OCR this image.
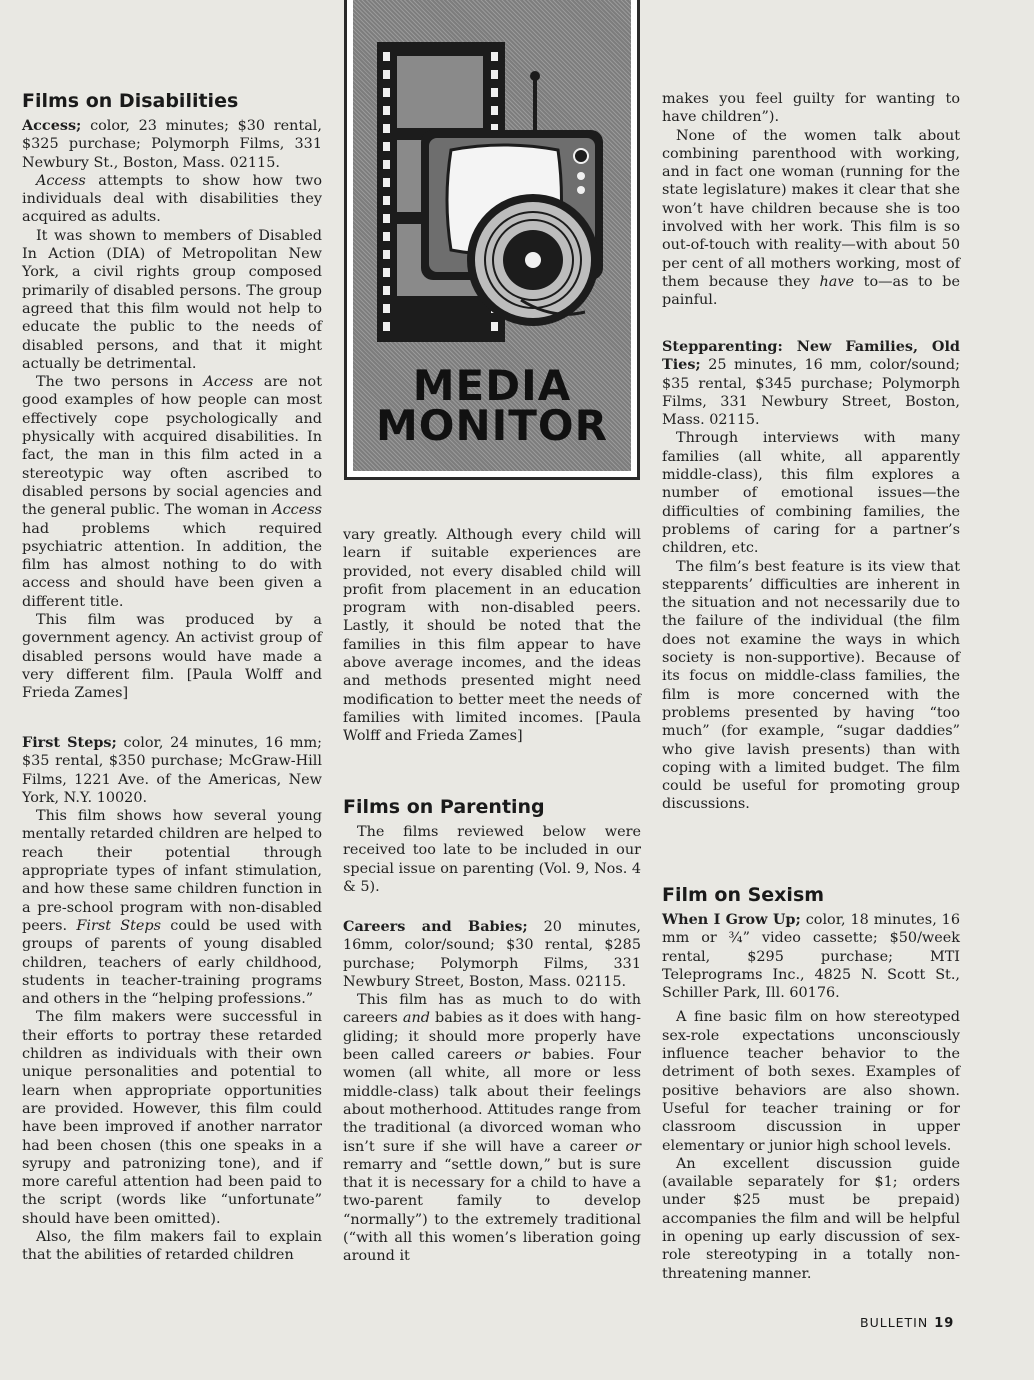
Films on Disabilities

Access; color, 23 minutes; $30 rental, $325 purchase; Polymorph Films, 331 Newbury St., Boston, Mass. 02115.

Access attempts to show how two individuals deal with disabilities they acquired as adults.

It was shown to members of Disabled In Action (DIA) of Metropolitan New York, a civil rights group composed primarily of disabled persons. The group agreed that this film would not help to educate the public to the needs of disabled persons, and that it might actually be detrimental.

The two persons in Access are not good examples of how people can most effectively cope psychologically and physically with acquired disabilities. In fact, the man in this film acted in a stereotypic way often ascribed to disabled persons by social agencies and the general public. The woman in Access had problems which required psychiatric attention. In addition, the film has almost nothing to do with access and should have been given a different title.

This film was produced by a government agency. An activist group of disabled persons would have made a very different film. [Paula Wolff and Frieda Zames]

First Steps; color, 24 minutes, 16 mm; $35 rental, $350 purchase; McGraw-Hill Films, 1221 Ave. of the Americas, New York, N.Y. 10020.

This film shows how several young mentally retarded children are helped to reach their potential through appropriate types of infant stimulation, and how these same children function in a pre-school program with non-disabled peers. First Steps could be used with groups of parents of young disabled children, teachers of early childhood, students in teacher-training programs and others in the “helping professions.”

The film makers were successful in their efforts to portray these retarded children as individuals with their own unique personalities and potential to learn when appropriate opportunities are provided. However, this film could have been improved if another narrator had been chosen (this one speaks in a syrupy and patronizing tone), and if more careful attention had been paid to the script (words like “unfortunate” should have been omitted).

Also, the film makers fail to explain that the abilities of retarded children

MEDIA
MONITOR

vary greatly. Although every child will learn if suitable experiences are provided, not every disabled child will profit from placement in an education program with non-disabled peers. Lastly, it should be noted that the families in this film appear to have above average incomes, and the ideas and methods presented might need modification to better meet the needs of families with limited incomes. [Paula Wolff and Frieda Zames]

Films on Parenting

The films reviewed below were received too late to be included in our special issue on parenting (Vol. 9, Nos. 4 & 5).

Careers and Babies; 20 minutes, 16mm, color/sound; $30 rental, $285 purchase; Polymorph Films, 331 Newbury Street, Boston, Mass. 02115.

This film has as much to do with careers and babies as it does with hang-gliding; it should more properly have been called careers or babies. Four women (all white, all more or less middle-class) talk about their feelings about motherhood. Attitudes range from the traditional (a divorced woman who isn’t sure if she will have a career or remarry and “settle down,” but is sure that it is necessary for a child to have a two-parent family to develop “normally”) to the extremely traditional (“with all this women’s liberation going around it

makes you feel guilty for wanting to have children”).

None of the women talk about combining parenthood with working, and in fact one woman (running for the state legislature) makes it clear that she won’t have children because she is too involved with her work. This film is so out-of-touch with reality—with about 50 per cent of all mothers working, most of them because they have to—as to be painful.

Stepparenting: New Families, Old Ties; 25 minutes, 16 mm, color/sound; $35 rental, $345 purchase; Polymorph Films, 331 Newbury Street, Boston, Mass. 02115.

Through interviews with many families (all white, all apparently middle-class), this film explores a number of emotional issues—the difficulties of combining families, the problems of caring for a partner’s children, etc.

The film’s best feature is its view that stepparents’ difficulties are inherent in the situation and not necessarily due to the failure of the individual (the film does not examine the ways in which society is non-supportive). Because of its focus on middle-class families, the film is more concerned with the problems presented by having “too much” (for example, “sugar daddies” who give lavish presents) than with coping with a limited budget. The film could be useful for promoting group discussions.

Film on Sexism

When I Grow Up; color, 18 minutes, 16 mm or ¾” video cassette; $50/week rental, $295 purchase; MTI Teleprograms Inc., 4825 N. Scott St., Schiller Park, Ill. 60176.

A fine basic film on how stereotyped sex-role expectations unconsciously influence teacher behavior to the detriment of both sexes. Examples of positive behaviors are also shown. Useful for teacher training or for classroom discussion in upper elementary or junior high school levels.

An excellent discussion guide (available separately for $1; orders under $25 must be prepaid) accompanies the film and will be helpful in opening up early discussion of sex-role stereotyping in a totally non-threatening manner.

BULLETIN 19
